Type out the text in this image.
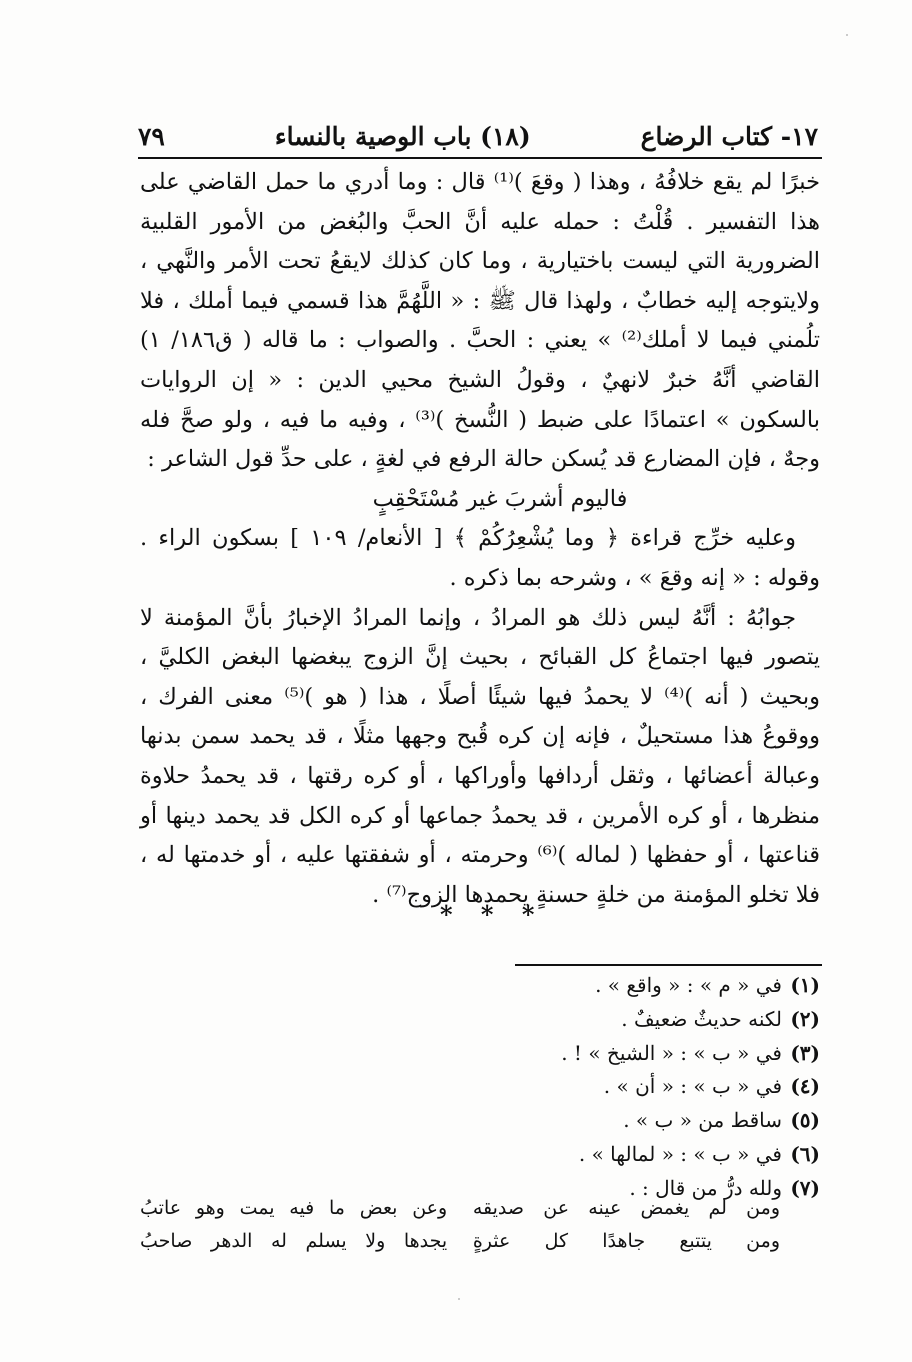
١٧- كتاب الرضاع
(١٨) باب الوصية بالنساء
٧٩

خبرًا لم يقع خلافُهُ ، وهذا ( وقعَ )⁽¹⁾ قال : وما أدري ما حمل القاضي على هذا التفسير . قُلْتُ : حمله عليه أنَّ الحبَّ والبُغض من الأمور القلبية الضرورية التي ليست باختيارية ، وما كان كذلك لايقعُ تحت الأمر والنَّهي ، ولايتوجه إليه خطابٌ ، ولهذا قال ﷺ : « اللَّهُمَّ هذا قسمي فيما أملك ، فلا تلُمني فيما لا أملك⁽²⁾ » يعني : الحبَّ . والصواب : ما قاله ( ق١٨٦/ ١) القاضي أنَّهُ خبرٌ لانهيٌ ، وقولُ الشيخ محيي الدين : « إن الروايات بالسكون » اعتمادًا على ضبط ( النُّسخ )⁽³⁾ ، وفيه ما فيه ، ولو صحَّ فله وجهٌ ، فإن المضارع قد يُسكن حالة الرفع في لغةٍ ، على حدِّ قول الشاعر :

فاليوم أشربَ غير مُسْتَحْقِبٍ

وعليه خرِّج قراءة ﴿ وما يُشْعِرُكُمْ ﴾ [ الأنعام/ ١٠٩ ] بسكون الراء . وقوله : « إنه وقعَ » ، وشرحه بما ذكره .

جوابُهُ : أنَّهُ ليس ذلك هو المرادُ ، وإنما المرادُ الإخبارُ بأنَّ المؤمنة لا يتصور فيها اجتماعُ كل القبائح ، بحيث إنَّ الزوج يبغضها البغض الكليَّ ، وبحيث ( أنه )⁽⁴⁾ لا يحمدُ فيها شيئًا أصلًا ، هذا ( هو )⁽⁵⁾ معنى الفرك ، ووقوعُ هذا مستحيلٌ ، فإنه إن كره قُبح وجهها مثلًا ، قد يحمد سمن بدنها وعبالة أعضائها ، وثقل أردافها وأوراكها ، أو كره رقتها ، قد يحمدُ حلاوة منظرها ، أو كره الأمرين ، قد يحمدُ جماعها أو كره الكل قد يحمد دينها أو قناعتها ، أو حفظها ( لماله )⁽⁶⁾ وحرمته ، أو شفقتها عليه ، أو خدمتها له ، فلا تخلو المؤمنة من خلةٍ حسنةٍ يحمدها الزوج⁽⁷⁾ .

* * *
(١)
في « م » : « واقع » .
(٢)
لكنه حديثٌ ضعيفٌ .
(٣)
في « ب » : « الشيخ » ! .
(٤)
في « ب » : « أن » .
(٥)
ساقط من « ب » .
(٦)
في « ب » : « لمالها » .
(٧)
ولله درُّ من قال : .
ومن لم يغمض عينه عن صديقه
وعن بعض ما فيه يمت وهو عاتبُ
ومن يتتبع جاهدًا كل عثرةٍ
يجدها ولا يسلم له الدهر صاحبُ
